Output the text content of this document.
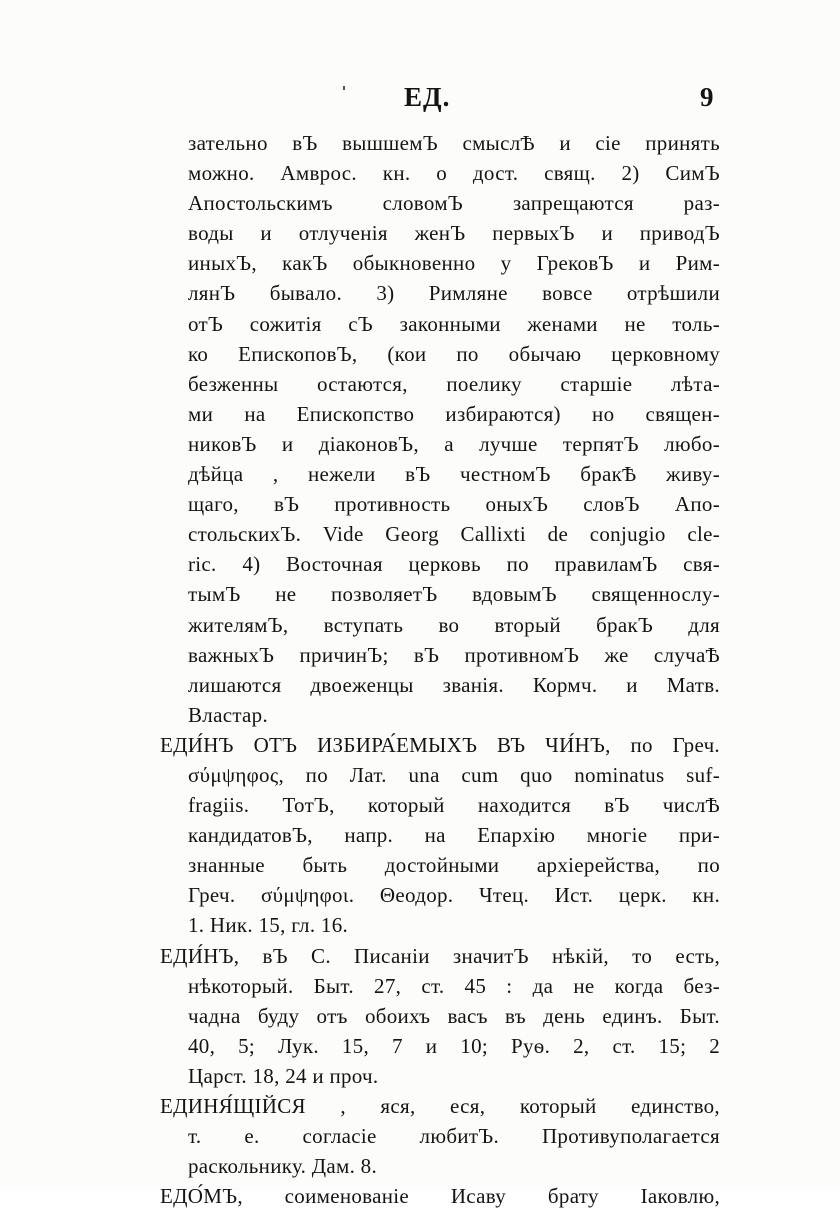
ЕД.	9
зательно вЪ вышшемЪ смыслѢ и сіе принять
можно. Амврос. кн. о дост. свящ. 2) СимЪ
Апостольскимъ словомЪ запрещаются раз-
воды и отлученія женЪ первыхЪ и приводЪ
иныхЪ, какЪ обыкновенно у ГрековЪ и Рим-
лянЪ бывало. 3) Римляне вовсе отрѣшили
отЪ сожитія сЪ законными женами не толь-
ко ЕпископовЪ, (кои по обычаю церковному
безженны остаются, поелику старшіе лѣта-
ми на Епископство избираются) но священ-
никовЪ и діаконовЪ, а лучше терпятЪ любо-
дѣйца , нежели вЪ честномЪ бракѢ живу-
щаго, вЪ противность оныхЪ словЪ Апо-
стольскихЪ. Vide Georg Callixti de conjugio cle-
ric. 4) Восточная церковь по правиламЪ свя-
тымЪ не позволяетЪ вдовымЪ священнослу-
жителямЪ, вступать во вторый бракЪ для
важныхЪ причинЪ; вЪ противномЪ же случаѢ
лишаются двоеженцы званія. Кормч. и Матв.
Властар.
ЕДИ́НЪ ОТЪ ИЗБИРА́ЕМЫХЪ ВЪ ЧИ́НЪ, по Греч.
σύμψηφος, по Лат. una cum quo nominatus suf-
fragiis. ТотЪ, который находится вЪ числѢ
кандидатовЪ, напр. на Епархію многіе при-
знанные быть достойными архіерейства, по
Греч. σύμψηφοι. Θеодор. Чтец. Ист. церк. кн.
1. Ник. 15, гл. 16.
ЕДИ́НЪ, вЪ С. Писаніи значитЪ нѣкій, то есть,
нѣкоторый. Быт. 27, ст. 45 : да не когда без-
чадна буду отъ обоихъ васъ въ день единъ. Быт.
40, 5; Лук. 15, 7 и 10; Руѳ. 2, ст. 15; 2
Царст. 18, 24 и проч.
ЕДИНЯ́ЩІЙСЯ , яся, еся, который единство,
т. е. согласіе любитЪ. Противуполагается
раскольнику. Дам. 8.
ЕДО́МЪ, соименованіе Исаву брату Іаковлю,
